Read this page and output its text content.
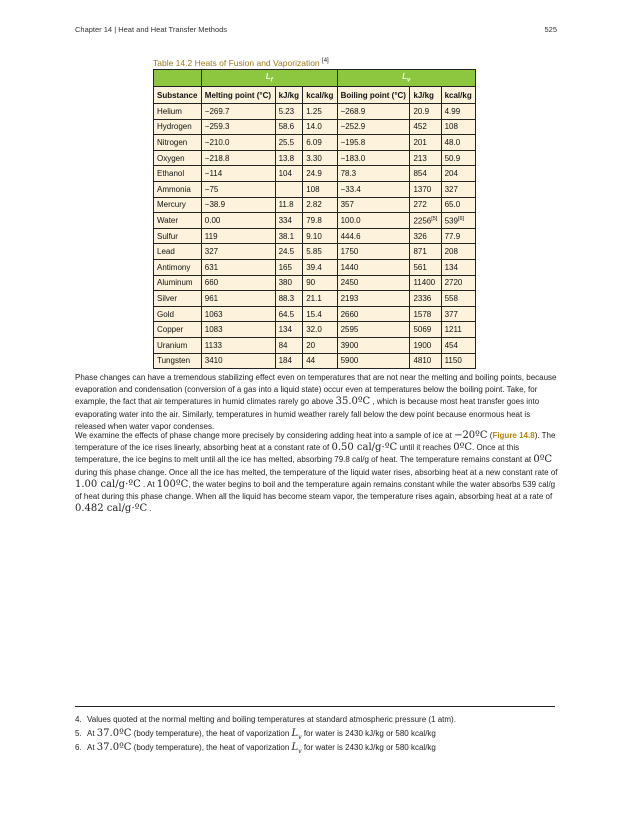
Chapter 14 | Heat and Heat Transfer Methods	525
Table 14.2 Heats of Fusion and Vaporization [4]
	$L_f$			$L_v$
Substance	Melting point (°C)	kJ/kg	kcal/kg	Boiling point (°C)	kJ/kg	kcal/kg
Helium	−269.7	5.23	1.25	−268.9	20.9	4.99
Hydrogen	−259.3	58.6	14.0	−252.9	452	108
Nitrogen	−210.0	25.5	6.09	−195.8	201	48.0
Oxygen	−218.8	13.8	3.30	−183.0	213	50.9
Ethanol	−114	104	24.9	78.3	854	204
Ammonia	−75		108	−33.4	1370	327
Mercury	−38.9	11.8	2.82	357	272	65.0
Water	0.00	334	79.8	100.0	2256[5]	539[6]
Sulfur	119	38.1	9.10	444.6	326	77.9
Lead	327	24.5	5.85	1750	871	208
Antimony	631	165	39.4	1440	561	134
Aluminum	660	380	90	2450	11400	2720
Silver	961	88.3	21.1	2193	2336	558
Gold	1063	64.5	15.4	2660	1578	377
Copper	1083	134	32.0	2595	5069	1211
Uranium	1133	84	20	3900	1900	454
Tungsten	3410	184	44	5900	4810	1150
Phase changes can have a tremendous stabilizing effect even on temperatures that are not near the melting and boiling points, because evaporation and condensation (conversion of a gas into a liquid state) occur even at temperatures below the boiling point. Take, for example, the fact that air temperatures in humid climates rarely go above 35.0ºC , which is because most heat transfer goes into evaporating water into the air. Similarly, temperatures in humid weather rarely fall below the dew point because enormous heat is released when water vapor condenses.
We examine the effects of phase change more precisely by considering adding heat into a sample of ice at −20ºC (Figure 14.8). The temperature of the ice rises linearly, absorbing heat at a constant rate of 0.50 cal/g⋅ºC until it reaches 0ºC. Once at this temperature, the ice begins to melt until all the ice has melted, absorbing 79.8 cal/g of heat. The temperature remains constant at 0ºC during this phase change. Once all the ice has melted, the temperature of the liquid water rises, absorbing heat at a new constant rate of 1.00 cal/g⋅ºC . At 100ºC, the water begins to boil and the temperature again remains constant while the water absorbs 539 cal/g of heat during this phase change. When all the liquid has become steam vapor, the temperature rises again, absorbing heat at a rate of 0.482 cal/g⋅ºC .
4. Values quoted at the normal melting and boiling temperatures at standard atmospheric pressure (1 atm).
5. At 37.0ºC (body temperature), the heat of vaporization $L_v$ for water is 2430 kJ/kg or 580 kcal/kg
6. At 37.0ºC (body temperature), the heat of vaporization $L_v$ for water is 2430 kJ/kg or 580 kcal/kg
